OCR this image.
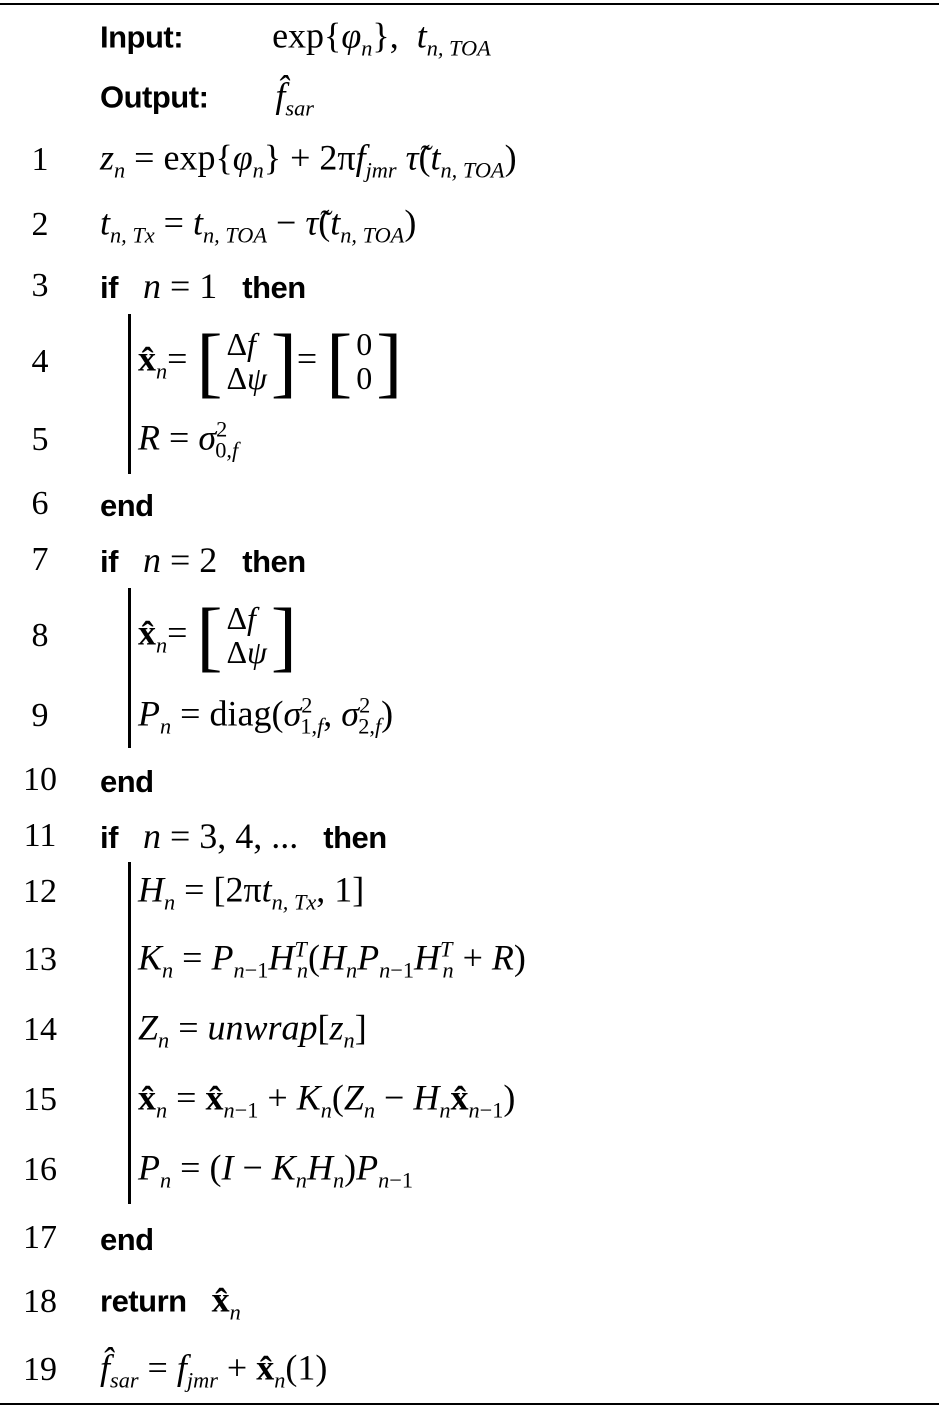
Input: $\exp\{\varphi_n\}$,  $t_{n, TOA}$
Output: $f̂_{sar}$
1	$z_n = \exp\{\varphi_n\} + 2\pi f_{jmr}$ $\taũ(t_{n, TOA})$
2	$t_{n, Tx} = t_{n, TOA}$ − $\taũ(t_{n, TOA})$
3	if n = 1 then
4	$x̂_n=$ [ Δf
Δψ ] = [ 0
0 ]
5	$R = \sigma^2_{0,f}$
6	end
7	if n = 2 then
8	$x̂_n=$ [ Δf
Δψ ]
9	$P_n$ = $diag(\sigma^2_{1,f}$, $\sigma^2_{2,f}$)
10	end
11	if n = 3, 4, ... then
12	$H_n = [2\pi t_{n, Tx}$, 1]
13	$K_n = P_{n-1}H^T_n(H_nP_{n-1}H^T_n + R)$
14	$Z_n$ = $unwrap[z_n]$
15	$x̂_n$ = $x̂_{n-1} + K_n(Z_n$ − $H_nx̂_{n-1}$)
16	$P_n = (I - K_nH_n)P_{n-1}$
17	end
18	return $x̂_n$
19	$f̂_{sar} = f_{jmr}$ + $x̂_n(1)$
